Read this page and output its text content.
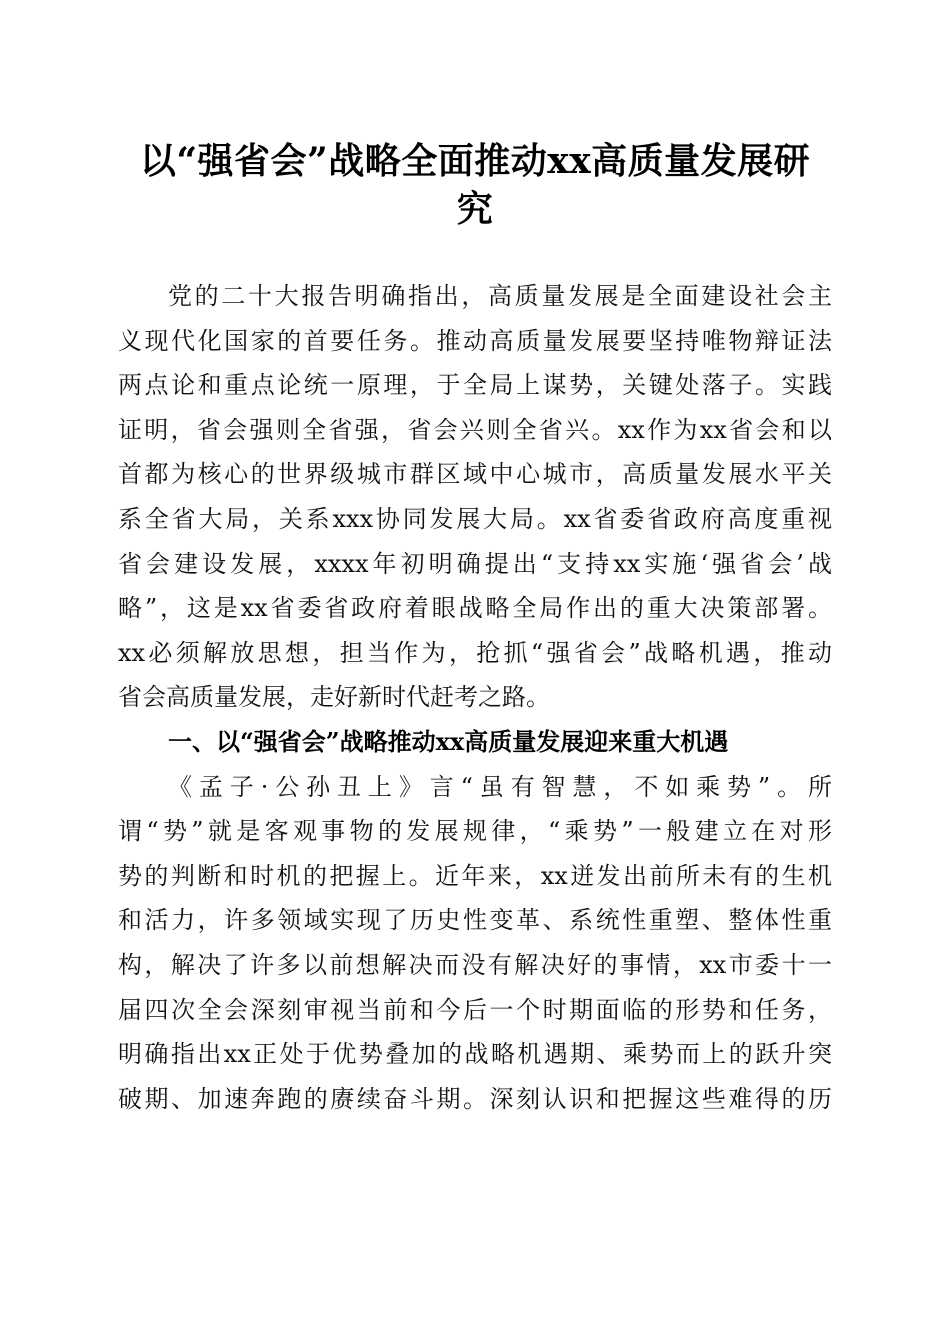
以“强省会”战略全面推动xx高质量发展研
究
党的二十大报告明确指出，高质量发展是全面建设社会主
义现代化国家的首要任务。推动高质量发展要坚持唯物辩证法
两点论和重点论统一原理，于全局上谋势，关键处落子。实践
证明，省会强则全省强，省会兴则全省兴。xx作为xx省会和以
首都为核心的世界级城市群区域中心城市，高质量发展水平关
系全省大局，关系xxx协同发展大局。xx省委省政府高度重视
省会建设发展，xxxx年初明确提出“支持xx实施‘强省会’战
略”，这是xx省委省政府着眼战略全局作出的重大决策部署。
xx必须解放思想，担当作为，抢抓“强省会”战略机遇，推动
省会高质量发展，走好新时代赶考之路。
一、以“强省会”战略推动xx高质量发展迎来重大机遇
《孟子·公孙丑上》言“虽有智慧，不如乘势”。所
谓“势”就是客观事物的发展规律，“乘势”一般建立在对形
势的判断和时机的把握上。近年来，xx迸发出前所未有的生机
和活力，许多领域实现了历史性变革、系统性重塑、整体性重
构，解决了许多以前想解决而没有解决好的事情，xx市委十一
届四次全会深刻审视当前和今后一个时期面临的形势和任务，
明确指出xx正处于优势叠加的战略机遇期、乘势而上的跃升突
破期、加速奔跑的赓续奋斗期。深刻认识和把握这些难得的历
